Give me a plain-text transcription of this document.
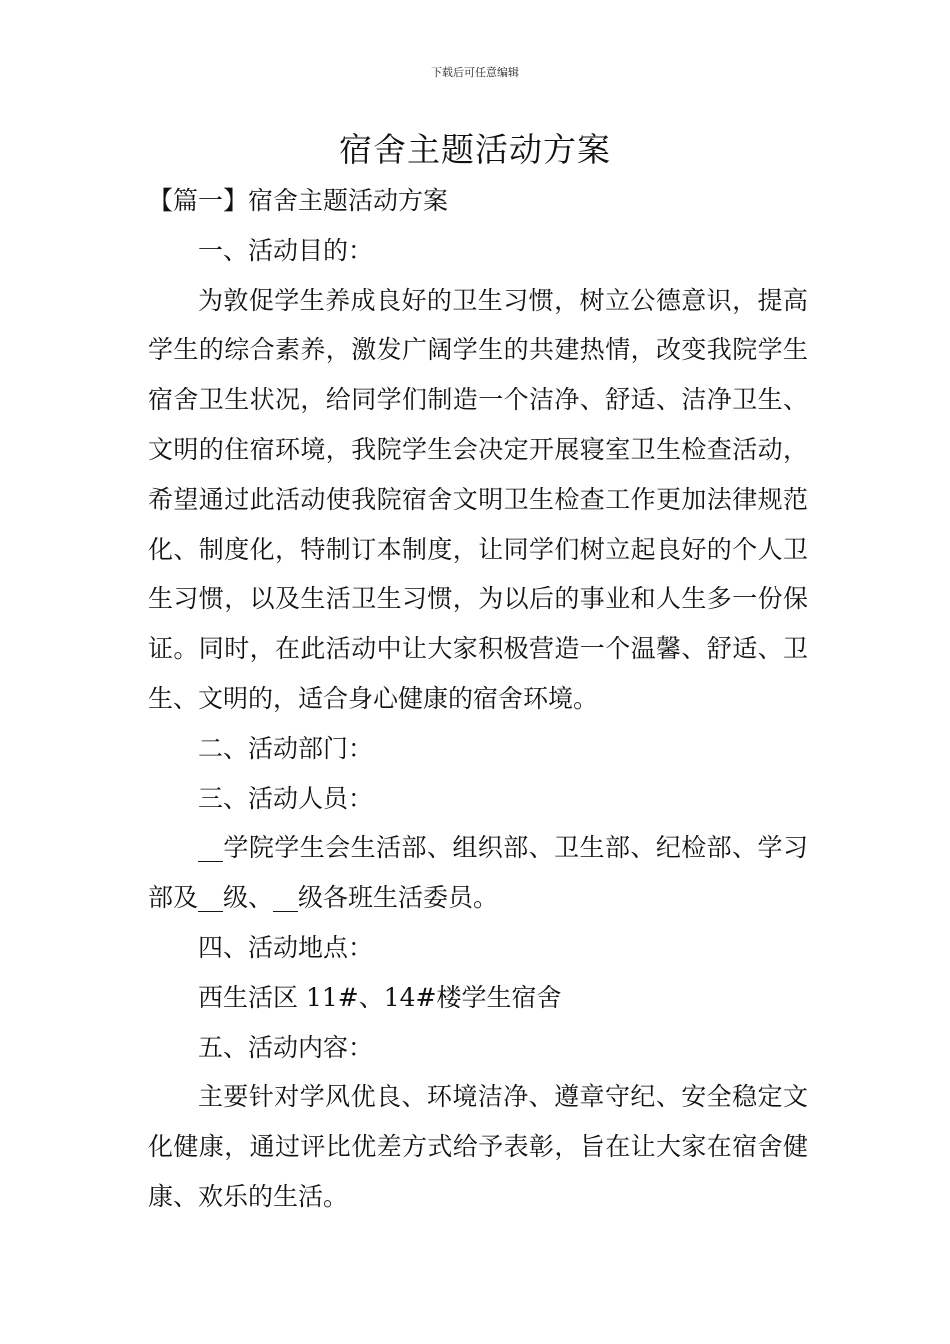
下载后可任意编辑
宿舍主题活动方案

【篇一】宿舍主题活动方案

一、活动目的：

为敦促学生养成良好的卫生习惯，树立公德意识，提高学生的综合素养，激发广阔学生的共建热情，改变我院学生宿舍卫生状况，给同学们制造一个洁净、舒适、洁净卫生、文明的住宿环境，我院学生会决定开展寝室卫生检查活动，希望通过此活动使我院宿舍文明卫生检查工作更加法律规范化、制度化，特制订本制度，让同学们树立起良好的个人卫生习惯，以及生活卫生习惯，为以后的事业和人生多一份保证。同时，在此活动中让大家积极营造一个温馨、舒适、卫生、文明的，适合身心健康的宿舍环境。

二、活动部门：

三、活动人员：

__学院学生会生活部、组织部、卫生部、纪检部、学习部及__级、__级各班生活委员。

四、活动地点：

西生活区 11#、14#楼学生宿舍

五、活动内容：

主要针对学风优良、环境洁净、遵章守纪、安全稳定文化健康，通过评比优差方式给予表彰，旨在让大家在宿舍健康、欢乐的生活。
